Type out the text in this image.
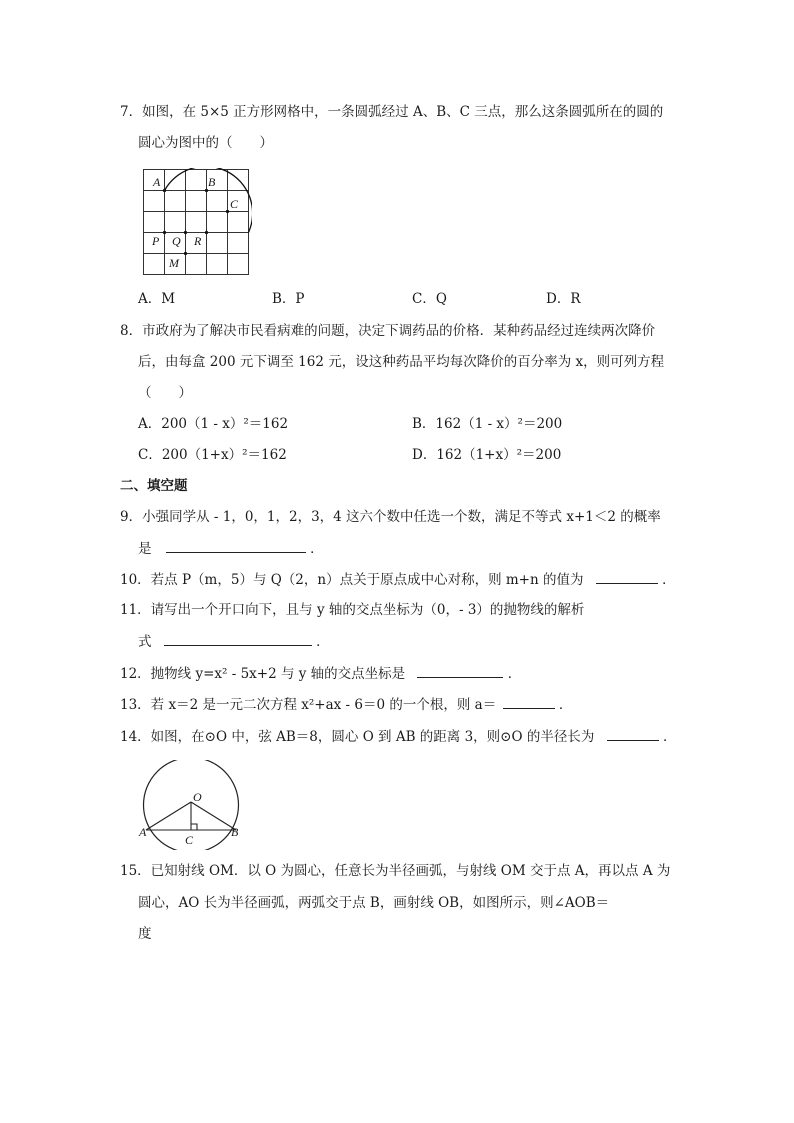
7．如图，在 5×5 正方形网格中，一条圆弧经过 A、B、C 三点，那么这条圆弧所在的圆的
圆心为图中的（　　）
A	B
C
P Q R
M
A．M	B．P	C．Q	D．R
8．市政府为了解决市民看病难的问题，决定下调药品的价格．某种药品经过连续两次降价
后，由每盒 200 元下调至 162 元，设这种药品平均每次降价的百分率为 x，则可列方程
（　　）
A．200（1 - x）²＝162	B．162（1 - x）²＝200
C．200（1+x）²＝162	D．162（1+x）²＝200
二、填空题
9．小强同学从 - 1，0，1，2，3，4 这六个数中任选一个数，满足不等式 x+1＜2 的概率
是	．
10．若点 P（m，5）与 Q（2，n）点关于原点成中心对称，则 m+n 的值为	．
11．请写出一个开口向下，且与 y 轴的交点坐标为（0，- 3）的抛物线的解析
式	．
12．抛物线 y=x² - 5x+2 与 y 轴的交点坐标是	．
13．若 x＝2 是一元二次方程 x²+ax - 6＝0 的一个根，则 a＝	．
14．如图，在⊙O 中，弦 AB＝8，圆心 O 到 AB 的距离 3，则⊙O 的半径长为	．
O
A	B
C
15．已知射线 OM．以 O 为圆心，任意长为半径画弧，与射线 OM 交于点 A，再以点 A 为
圆心，AO 长为半径画弧，两弧交于点 B，画射线 OB，如图所示，则∠AOB＝
度
